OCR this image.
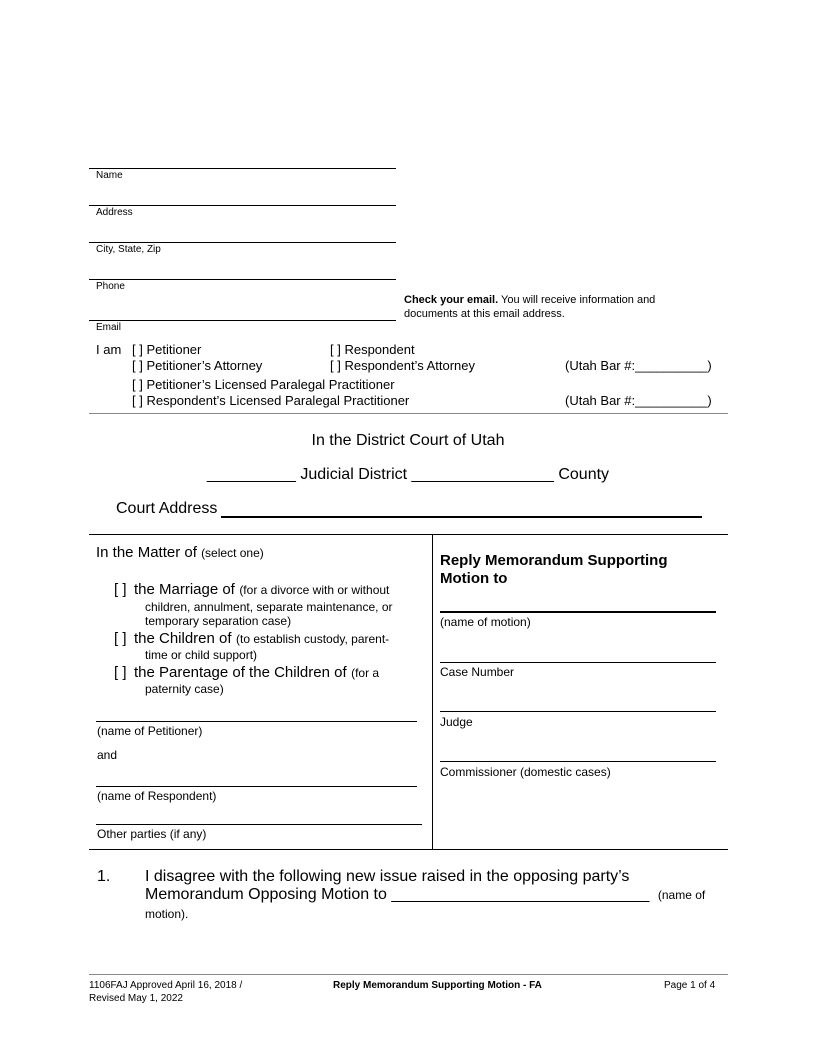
Name
Address
City, State, Zip
Phone
Check your email. You will receive information and
documents at this email address.
Email
I am [ ] Petitioner	[ ] Respondent
[ ] Petitioner’s Attorney	[ ] Respondent’s Attorney	(Utah Bar #:__________)
[ ] Petitioner’s Licensed Paralegal Practitioner
[ ] Respondent’s Licensed Paralegal Practitioner	(Utah Bar #:__________)
In the District Court of Utah
__________ Judicial District ________________ County
Court Address
In the Matter of (select one)
[ ] the Marriage of (for a divorce with or without
children, annulment, separate maintenance, or
temporary separation case)
[ ] the Children of (to establish custody, parent-
time or child support)
[ ] the Parentage of the Children of (for a
paternity case)
(name of Petitioner)
and
(name of Respondent)
Other parties (if any)
Reply Memorandum Supporting
Motion to
(name of motion)
Case Number
Judge
Commissioner (domestic cases)
1. I disagree with the following new issue raised in the opposing party’s
Memorandum Opposing Motion to _____________________________ (name of
motion).
1106FAJ Approved April 16, 2018 /
Revised May 1, 2022
Reply Memorandum Supporting Motion - FA	Page 1 of 4
